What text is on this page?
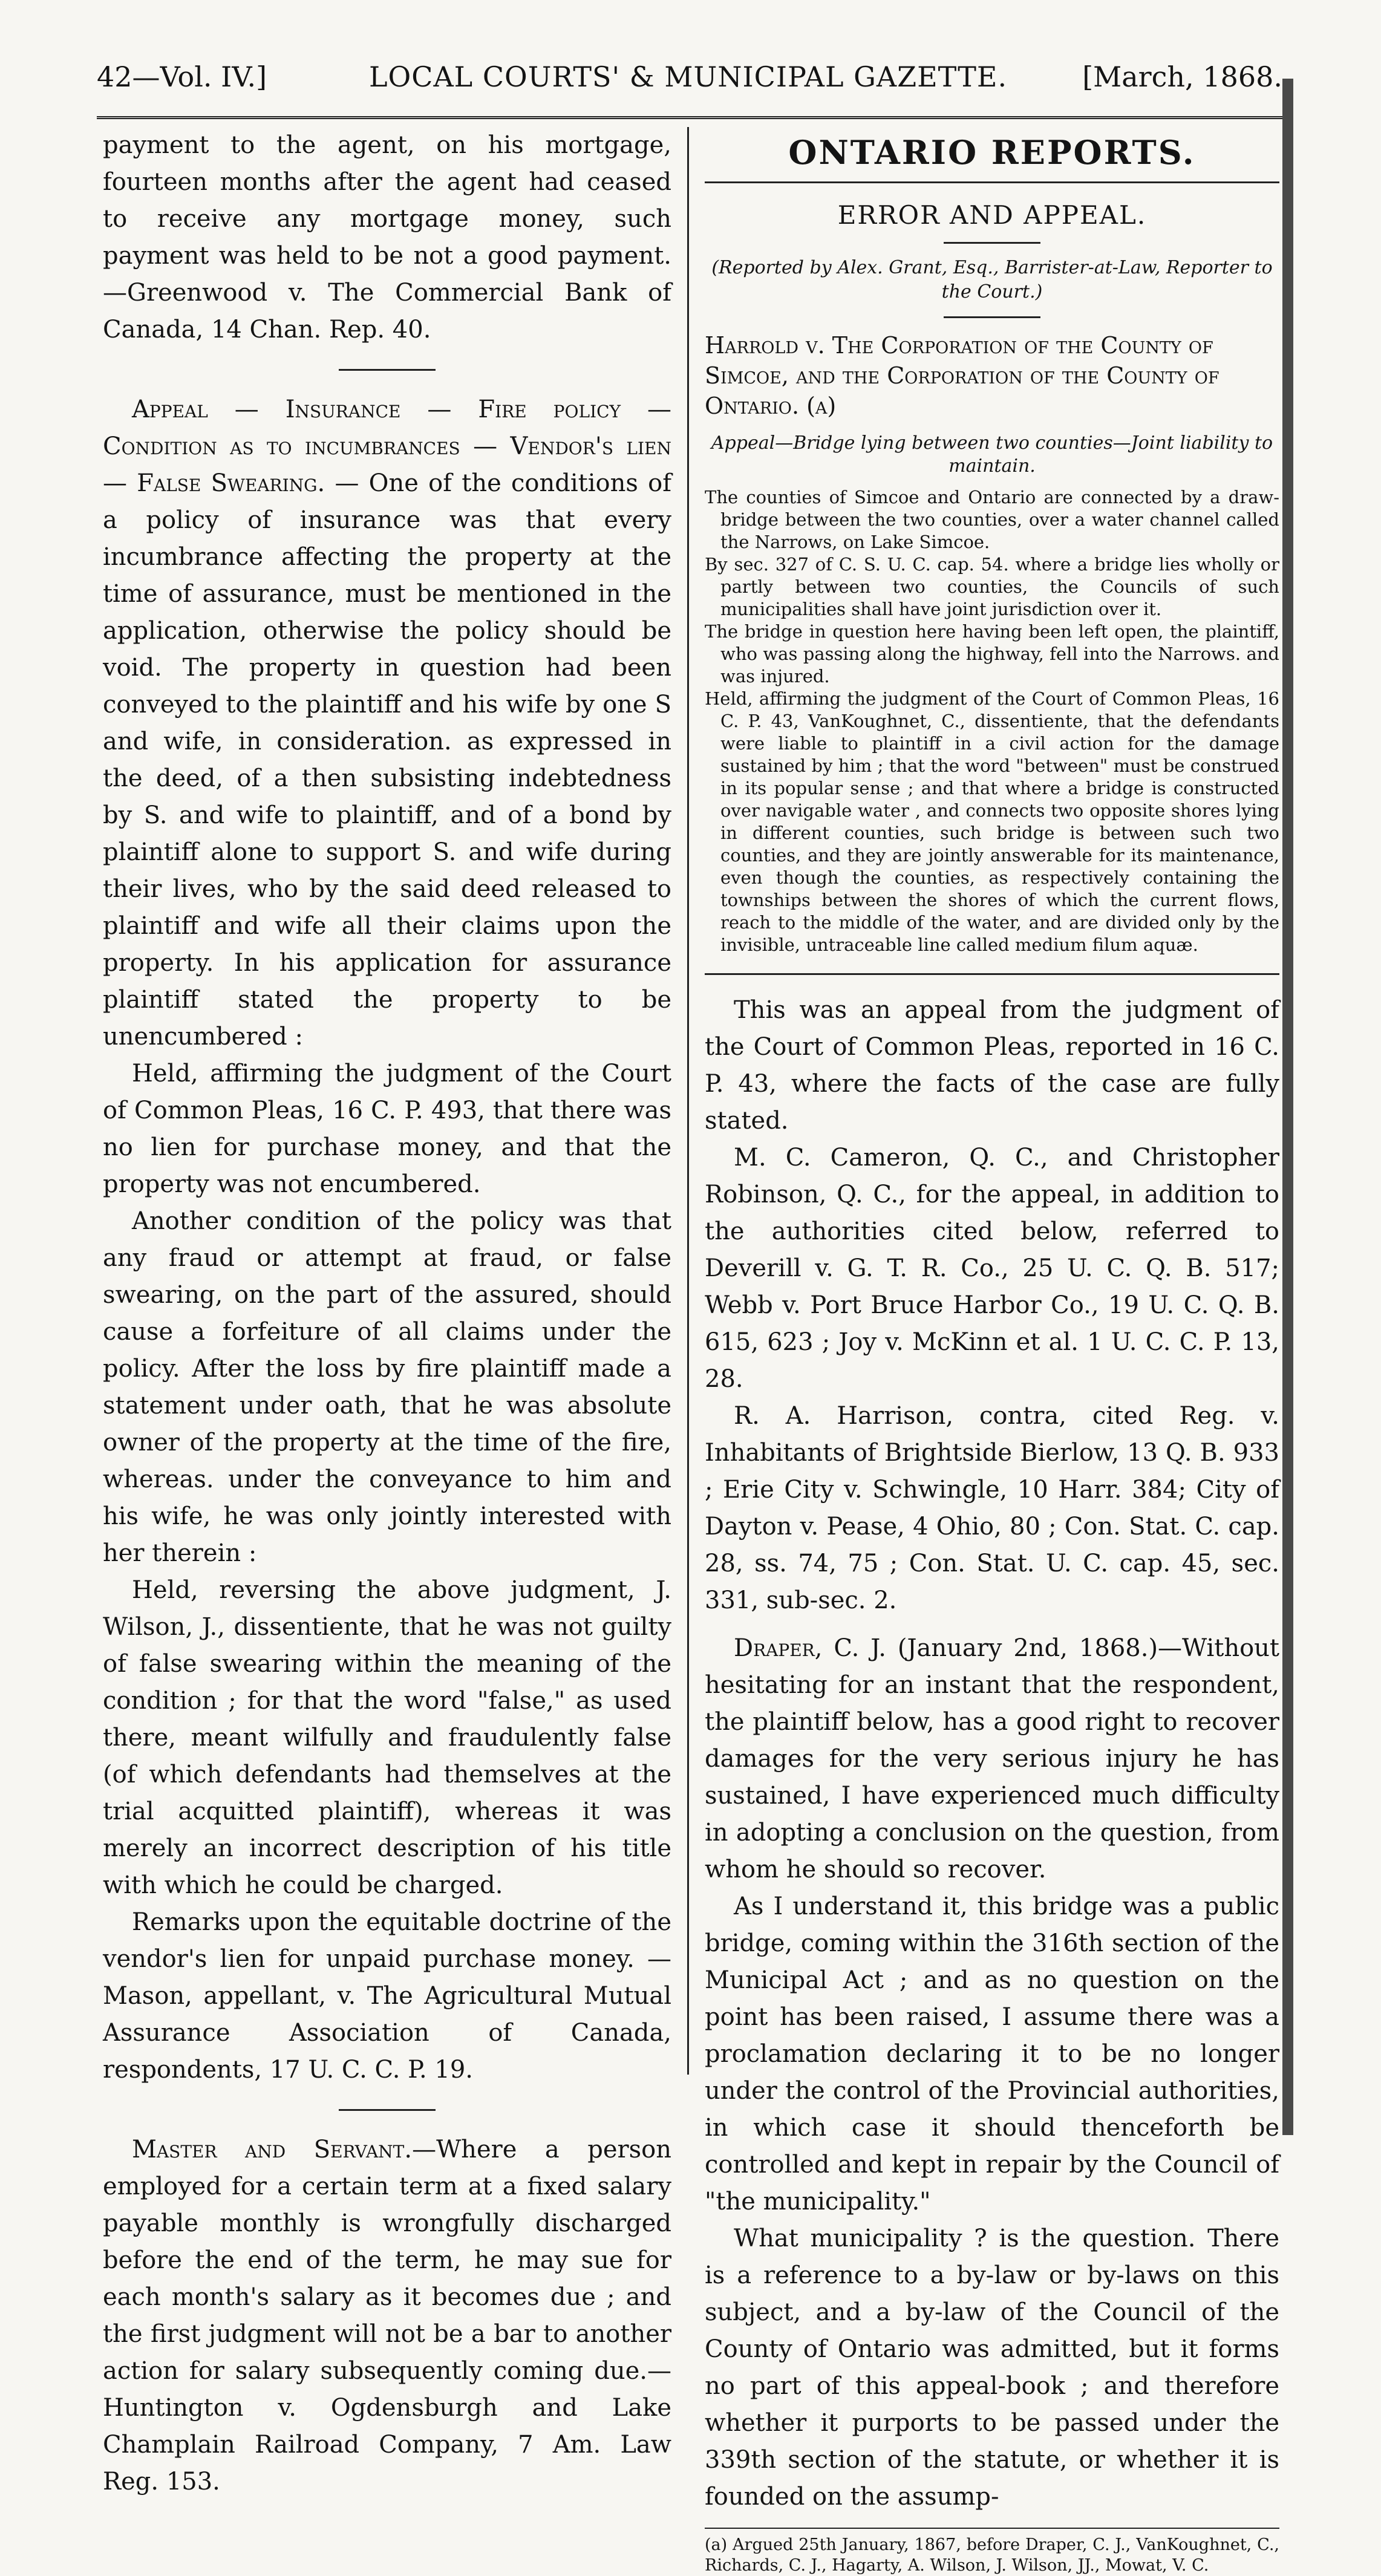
42—Vol. IV.]	LOCAL COURTS' & MUNICIPAL GAZETTE.	[March, 1868.

payment to the agent, on his mortgage, fourteen months after the agent had ceased to receive any mortgage money, such payment was held to be not a good payment. —Greenwood v. The Commercial Bank of Canada, 14 Chan. Rep. 40.

Appeal — Insurance — Fire policy — Condition as to incumbrances — Vendor's lien — False Swearing. — One of the conditions of a policy of insurance was that every incumbrance affecting the property at the time of assurance, must be mentioned in the application, otherwise the policy should be void. The property in question had been conveyed to the plaintiff and his wife by one S and wife, in consideration. as expressed in the deed, of a then subsisting indebtedness by S. and wife to plaintiff, and of a bond by plaintiff alone to support S. and wife during their lives, who by the said deed released to plaintiff and wife all their claims upon the property. In his application for assurance plaintiff stated the property to be unencumbered :

Held, affirming the judgment of the Court of Common Pleas, 16 C. P. 493, that there was no lien for purchase money, and that the property was not encumbered.

Another condition of the policy was that any fraud or attempt at fraud, or false swearing, on the part of the assured, should cause a forfeiture of all claims under the policy. After the loss by fire plaintiff made a statement under oath, that he was absolute owner of the property at the time of the fire, whereas. under the conveyance to him and his wife, he was only jointly interested with her therein :

Held, reversing the above judgment, J. Wilson, J., dissentiente, that he was not guilty of false swearing within the meaning of the condition ; for that the word "false," as used there, meant wilfully and fraudulently false (of which defendants had themselves at the trial acquitted plaintiff), whereas it was merely an incorrect description of his title with which he could be charged.

Remarks upon the equitable doctrine of the vendor's lien for unpaid purchase money. — Mason, appellant, v. The Agricultural Mutual Assurance Association of Canada, respondents, 17 U. C. C. P. 19.

Master and Servant.—Where a person employed for a certain term at a fixed salary payable monthly is wrongfully discharged before the end of the term, he may sue for each month's salary as it becomes due ; and the first judgment will not be a bar to another action for salary subsequently coming due.—Huntington v. Ogdensburgh and Lake Champlain Railroad Company, 7 Am. Law Reg. 153.

ONTARIO REPORTS.
ERROR AND APPEAL.

(Reported by Alex. Grant, Esq., Barrister-at-Law, Reporter to the Court.)

Harrold v. The Corporation of the County of Simcoe, and the Corporation of the County of Ontario. (a)

Appeal—Bridge lying between two counties—Joint liability to maintain.

The counties of Simcoe and Ontario are connected by a draw-bridge between the two counties, over a water channel called the Narrows, on Lake Simcoe.

By sec. 327 of C. S. U. C. cap. 54. where a bridge lies wholly or partly between two counties, the Councils of such municipalities shall have joint jurisdiction over it.

The bridge in question here having been left open, the plaintiff, who was passing along the highway, fell into the Narrows. and was injured.

Held, affirming the judgment of the Court of Common Pleas, 16 C. P. 43, VanKoughnet, C., dissentiente, that the defendants were liable to plaintiff in a civil action for the damage sustained by him ; that the word "between" must be construed in its popular sense ; and that where a bridge is constructed over navigable water , and connects two opposite shores lying in different counties, such bridge is between such two counties, and they are jointly answerable for its maintenance, even though the counties, as respectively containing the townships between the shores of which the current flows, reach to the middle of the water, and are divided only by the invisible, untraceable line called medium filum aquæ.

This was an appeal from the judgment of the Court of Common Pleas, reported in 16 C. P. 43, where the facts of the case are fully stated.

M. C. Cameron, Q. C., and Christopher Robinson, Q. C., for the appeal, in addition to the authorities cited below, referred to Deverill v. G. T. R. Co., 25 U. C. Q. B. 517; Webb v. Port Bruce Harbor Co., 19 U. C. Q. B. 615, 623 ; Joy v. McKinn et al. 1 U. C. C. P. 13, 28.

R. A. Harrison, contra, cited Reg. v. Inhabitants of Brightside Bierlow, 13 Q. B. 933 ; Erie City v. Schwingle, 10 Harr. 384; City of Dayton v. Pease, 4 Ohio, 80 ; Con. Stat. C. cap. 28, ss. 74, 75 ; Con. Stat. U. C. cap. 45, sec. 331, sub-sec. 2.

Draper, C. J. (January 2nd, 1868.)—Without hesitating for an instant that the respondent, the plaintiff below, has a good right to recover damages for the very serious injury he has sustained, I have experienced much difficulty in adopting a conclusion on the question, from whom he should so recover.

As I understand it, this bridge was a public bridge, coming within the 316th section of the Municipal Act ; and as no question on the point has been raised, I assume there was a proclamation declaring it to be no longer under the control of the Provincial authorities, in which case it should thenceforth be controlled and kept in repair by the Council of "the municipality."

What municipality ? is the question. There is a reference to a by-law or by-laws on this subject, and a by-law of the Council of the County of Ontario was admitted, but it forms no part of this appeal-book ; and therefore whether it purports to be passed under the 339th section of the statute, or whether it is founded on the assump-

(a) Argued 25th January, 1867, before Draper, C. J., VanKoughnet, C., Richards, C. J., Hagarty, A. Wilson, J. Wilson, JJ., Mowat, V. C.
